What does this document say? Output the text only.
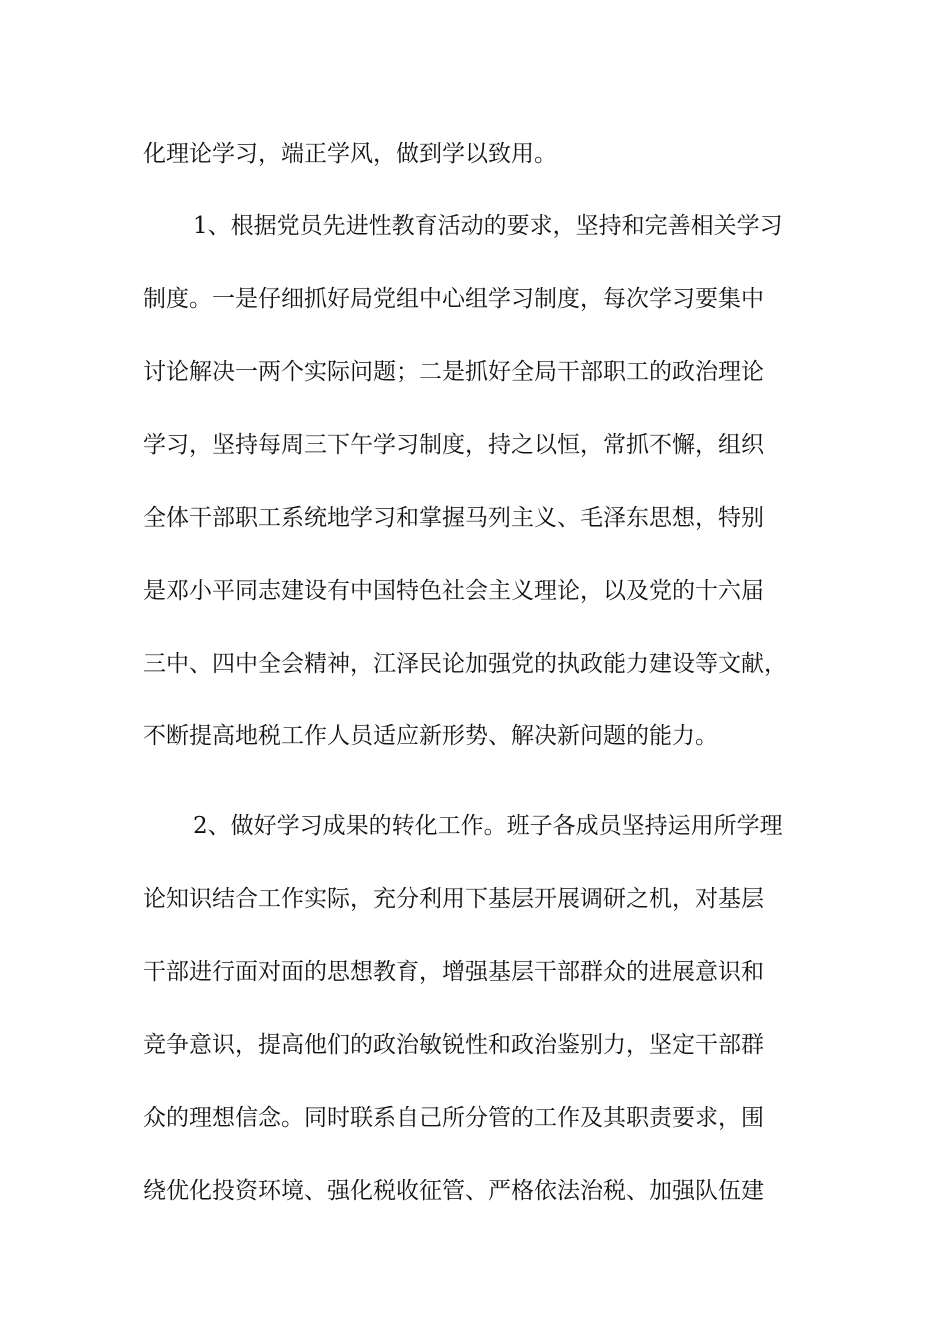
化理论学习，端正学风，做到学以致用。
1、根据党员先进性教育活动的要求，坚持和完善相关学习
制度。一是仔细抓好局党组中心组学习制度，每次学习要集中
讨论解决一两个实际问题；二是抓好全局干部职工的政治理论
学习，坚持每周三下午学习制度，持之以恒，常抓不懈，组织
全体干部职工系统地学习和掌握马列主义、毛泽东思想，特别
是邓小平同志建设有中国特色社会主义理论，以及党的十六届
三中、四中全会精神，江泽民论加强党的执政能力建设等文献，
不断提高地税工作人员适应新形势、解决新问题的能力。
2、做好学习成果的转化工作。班子各成员坚持运用所学理
论知识结合工作实际，充分利用下基层开展调研之机，对基层
干部进行面对面的思想教育，增强基层干部群众的进展意识和
竞争意识，提高他们的政治敏锐性和政治鉴别力，坚定干部群
众的理想信念。同时联系自己所分管的工作及其职责要求，围
绕优化投资环境、强化税收征管、严格依法治税、加强队伍建
